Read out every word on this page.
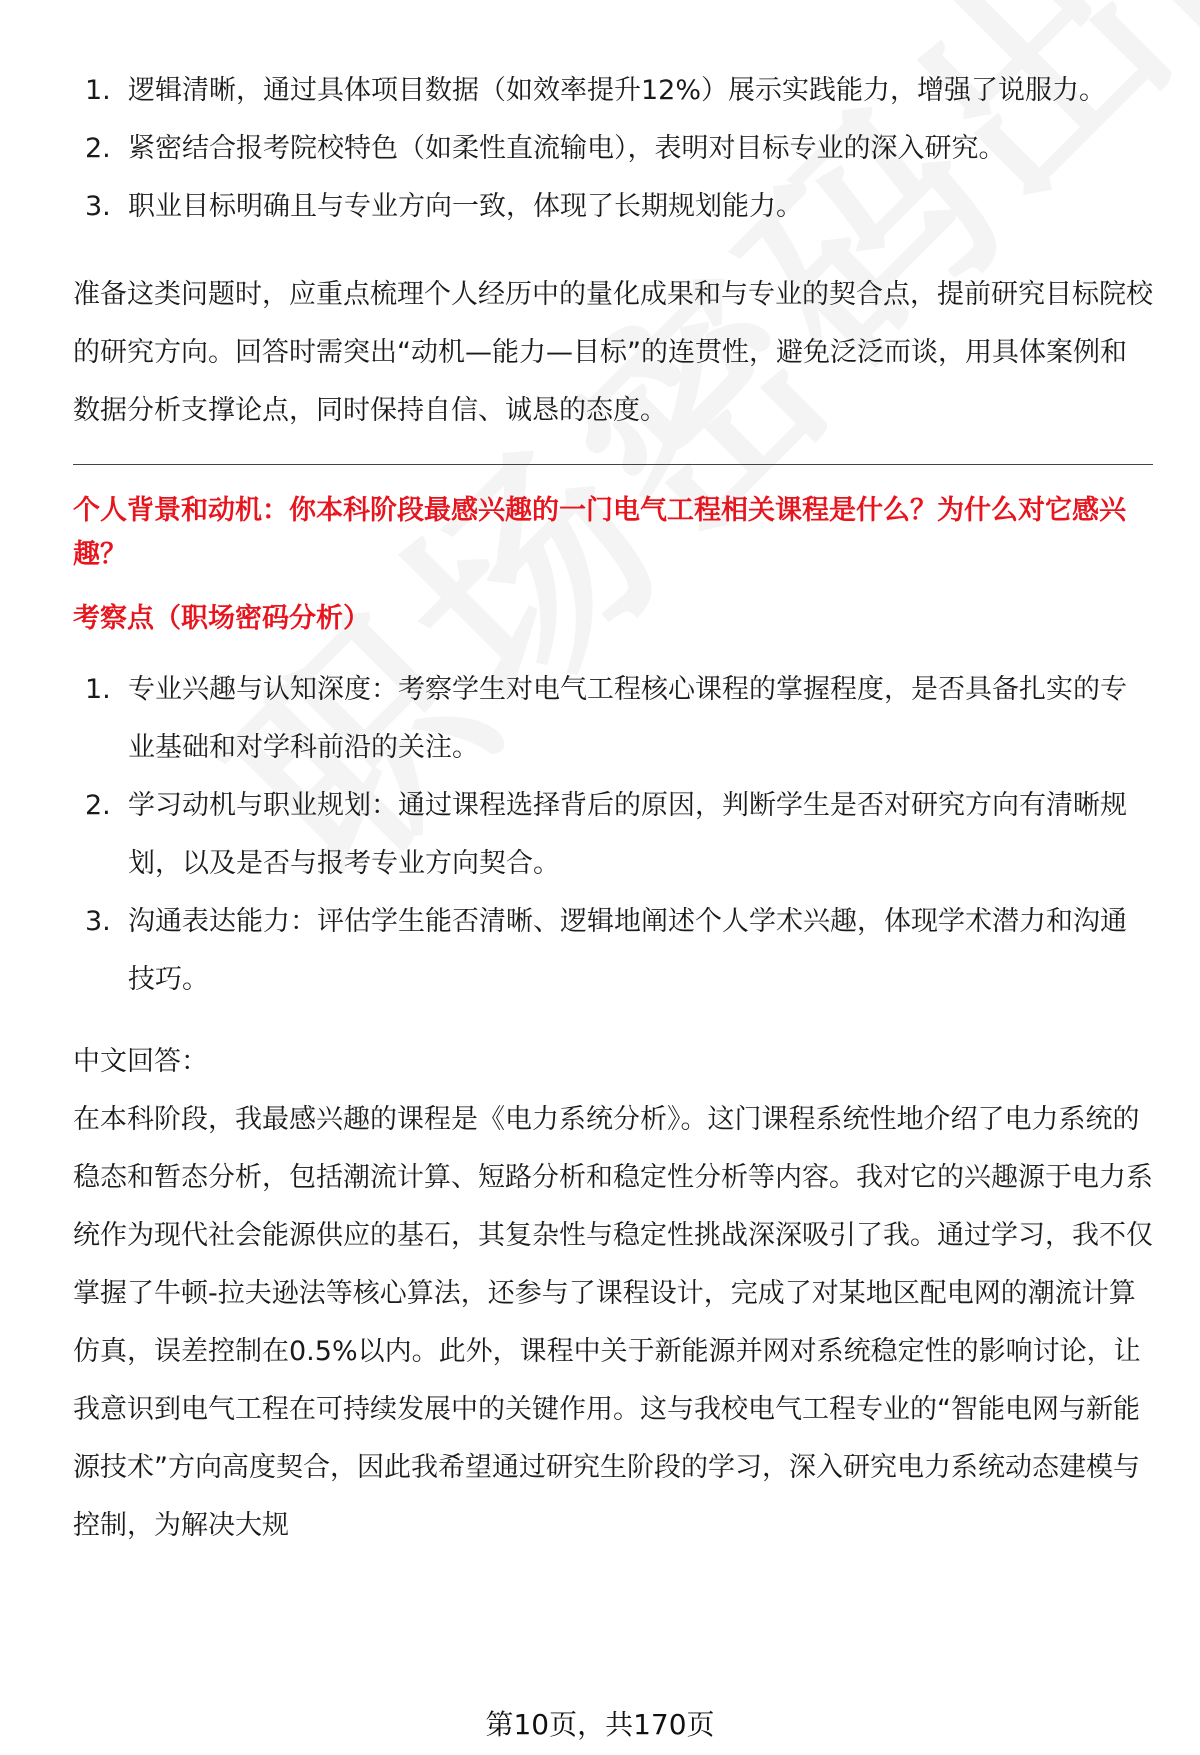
1. 逻辑清晰，通过具体项目数据（如效率提升12%）展示实践能力，增强了说服力。
2. 紧密结合报考院校特色（如柔性直流输电），表明对目标专业的深入研究。
3. 职业目标明确且与专业方向一致，体现了长期规划能力。

准备这类问题时，应重点梳理个人经历中的量化成果和与专业的契合点，提前研究目标院校的研究方向。回答时需突出“动机—能力—目标”的连贯性，避免泛泛而谈，用具体案例和数据分析支撑论点，同时保持自信、诚恳的态度。

个人背景和动机：你本科阶段最感兴趣的一门电气工程相关课程是什么？为什么对它感兴趣？

考察点（职场密码分析）

1. 专业兴趣与认知深度：考察学生对电气工程核心课程的掌握程度，是否具备扎实的专业基础和对学科前沿的关注。
2. 学习动机与职业规划：通过课程选择背后的原因，判断学生是否对研究方向有清晰规划，以及是否与报考专业方向契合。
3. 沟通表达能力：评估学生能否清晰、逻辑地阐述个人学术兴趣，体现学术潜力和沟通技巧。

中文回答：

在本科阶段，我最感兴趣的课程是《电力系统分析》。这门课程系统性地介绍了电力系统的稳态和暂态分析，包括潮流计算、短路分析和稳定性分析等内容。我对它的兴趣源于电力系统作为现代社会能源供应的基石，其复杂性与稳定性挑战深深吸引了我。通过学习，我不仅掌握了牛顿-拉夫逊法等核心算法，还参与了课程设计，完成了对某地区配电网的潮流计算仿真，误差控制在0.5%以内。此外，课程中关于新能源并网对系统稳定性的影响讨论，让我意识到电气工程在可持续发展中的关键作用。这与我校电气工程专业的“智能电网与新能源技术”方向高度契合，因此我希望通过研究生阶段的学习，深入研究电力系统动态建模与控制，为解决大规

第10页，共170页
